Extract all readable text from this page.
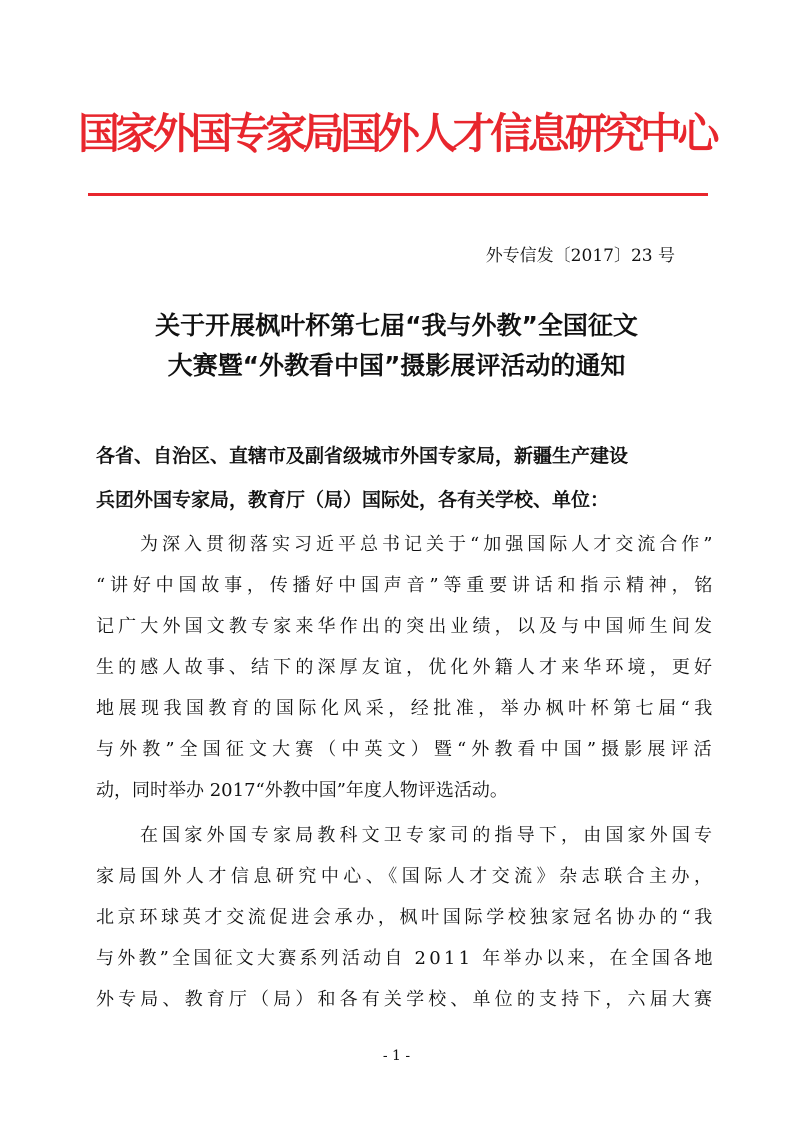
国家外国专家局国外人才信息研究中心
外专信发〔2017〕23 号
关于开展枫叶杯第七届“我与外教”全国征文
大赛暨“外教看中国”摄影展评活动的通知
各省、自治区、直辖市及副省级城市外国专家局，新疆生产建设
兵团外国专家局，教育厅（局）国际处，各有关学校、单位：
为深入贯彻落实习近平总书记关于“加强国际人才交流合作”
“讲好中国故事，传播好中国声音”等重要讲话和指示精神，铭
记广大外国文教专家来华作出的突出业绩，以及与中国师生间发
生的感人故事、结下的深厚友谊，优化外籍人才来华环境，更好
地展现我国教育的国际化风采，经批准，举办枫叶杯第七届“我
与外教”全国征文大赛（中英文）暨“外教看中国”摄影展评活
动，同时举办 2017“外教中国”年度人物评选活动。
在国家外国专家局教科文卫专家司的指导下，由国家外国专
家局国外人才信息研究中心、《国际人才交流》杂志联合主办，
北京环球英才交流促进会承办，枫叶国际学校独家冠名协办的“我
与外教”全国征文大赛系列活动自 2011 年举办以来，在全国各地
外专局、教育厅（局）和各有关学校、单位的支持下，六届大赛
- 1 -
